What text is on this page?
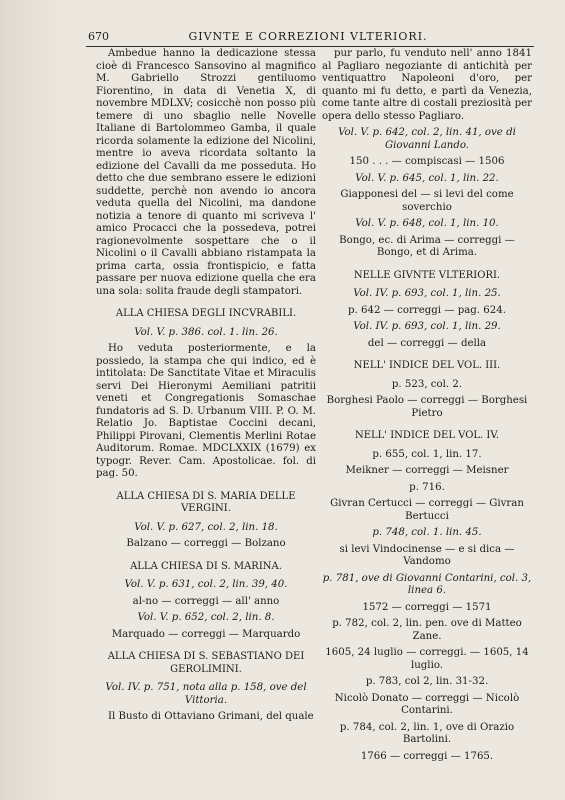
670	GIVNTE E CORREZIONI VLTERIORI.

Ambedue hanno la dedicazione stessa cioè di Francesco Sansovino al magnifico M. Gabriello Strozzi gentiluomo Fiorentino, in data di Venetia X, di novembre MDLXV; cosicchè non posso più temere di uno sbaglio nelle Novelle Italiane di Bartolommeo Gamba, il quale ricorda solamente la edizione del Nicolini, mentre io aveva ricordata soltanto la edizione del Cavalli da me posseduta. Ho detto che due sembrano essere le edizioni suddette, perchè non avendo io ancora veduta quella del Nicolini, ma dandone notizia a tenore di quanto mi scriveva l' amico Procacci che la possedeva, potrei ragionevolmente sospettare che o il Nicolini o il Cavalli abbiano ristampata la prima carta, ossia frontispicio, e fatta passare per nuova edizione quella che era una sola: solita fraude degli stampatori.

ALLA CHIESA DEGLI INCVRABILI.

Vol. V. p. 386. col. 1. lin. 26.

Ho veduta posteriormente, e la possiedo, la stampa che qui indico, ed è intitolata: De Sanctitate Vitae et Miraculis servi Dei Hieronymi Aemiliani patritii veneti et Congregationis Somaschae fundatoris ad S. D. Urbanum VIII. P. O. M. Relatio Jo. Baptistae Coccini decani, Philippi Pirovani, Clementis Merlini Rotae Auditorum. Romae. MDCLXXIX (1679) ex typogr. Rever. Cam. Apostolicae. fol. di pag. 50.

ALLA CHIESA DI S. MARIA DELLE VERGINI.

Vol. V. p. 627, col. 2, lin. 18.

Balzano — correggi — Bolzano

ALLA CHIESA DI S. MARINA.

Vol. V. p. 631, col. 2, lin. 39, 40.

al-no — correggi — all' anno

Vol. V. p. 652, col. 2, lin. 8.

Marquado — correggi — Marquardo

ALLA CHIESA DI S. SEBASTIANO DEI GEROLIMINI.

Vol. IV. p. 751, nota alla p. 158, ove del Vittoria.

Il Busto di Ottaviano Grimani, del quale

pur parlo, fu venduto nell' anno 1841 al Pagliaro negoziante di antichità per ventiquattro Napoleoni d'oro, per quanto mi fu detto, e partì da Venezia, come tante altre di costali preziosità per opera dello stesso Pagliaro.

Vol. V. p. 642, col. 2, lin. 41, ove di Giovanni Lando.

150 . . . — compiscasi — 1506

Vol. V. p. 645, col. 1, lin. 22.

Giapponesi del — si levi del come soverchio

Vol. V. p. 648, col. 1, lin. 10.

Bongo, ec. di Arima — correggi — Bongo, et di Arima.

NELLE GIVNTE VLTERIORI.

Vol. IV. p. 693, col. 1, lin. 25.

p. 642 — correggi — pag. 624.

Vol. IV. p. 693, col. 1, lin. 29.

del — correggi — della

NELL' INDICE DEL VOL. III.

p. 523, col. 2.

Borghesi Paolo — correggi — Borghesi Pietro

NELL' INDICE DEL VOL. IV.

p. 655, col. 1, lin. 17.

Meikner — correggi — Meisner

p. 716.

Givran Certucci — correggi — Givran Bertucci

p. 748, col. 1. lin. 45.

si levi Vindocinense — e si dica — Vandomo

p. 781, ove di Giovanni Contarini, col. 3, linea 6.

1572 — correggi — 1571

p. 782, col. 2, lin. pen. ove di Matteo Zane.

1605, 24 luglio — correggi. — 1605, 14 luglio.

p. 783, col 2, lin. 31-32.

Nicolò Donato — correggi — Nicolò Contarini.

p. 784, col. 2, lin. 1, ove di Orazio Bartolini.

1766 — correggi — 1765.
